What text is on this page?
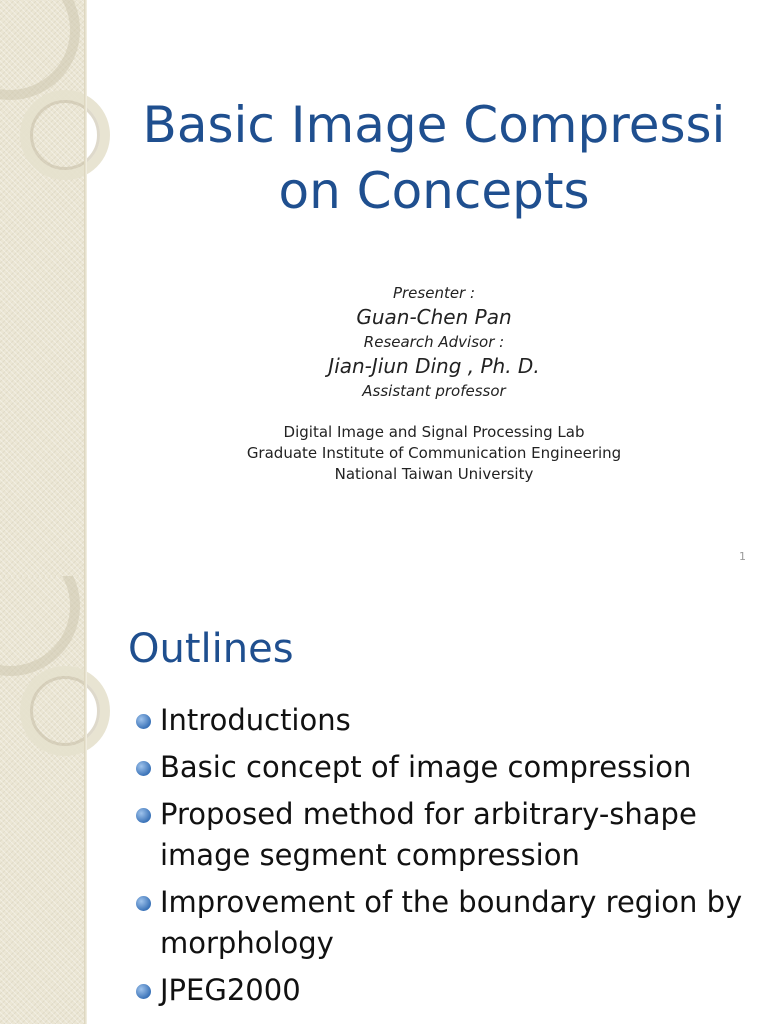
Basic Image Compressi
on Concepts
Presenter :
Guan-Chen Pan
Research Advisor :
Jian-Jiun Ding , Ph. D.
Assistant professor
Digital Image and Signal Processing Lab
Graduate Institute of Communication Engineering
National Taiwan University
1
Outlines
Introductions
Basic concept of image compression
Proposed method for arbitrary-shape image segment compression
Improvement of the boundary region by morphology
JPEG2000
